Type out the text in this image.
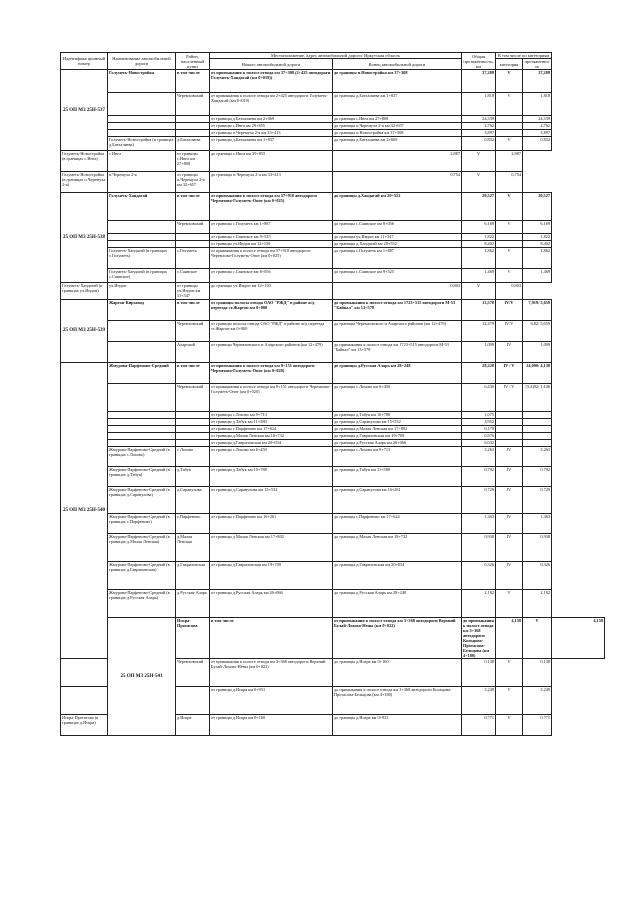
Идентифика ционный номер	Наименование автомобильной дороги	Район, населенный пункт	Местоположение, адрес автомобильной дороги: Иркутская область		Общая протяжённость, км	В том числе по категориям		
			Начало автомобильной дороги	Конец автомобильной дороги		категория	протяжённость	
25 ОП МЗ 25Н-537	Голуметь-Новостройка	в том числе	от примыкания к полосе отвода км 37+308 (2+425 автодороги Голуметь-Хандагай (км 0+019))	до границы п.Новостройка км 37+308	37,289	V	37,289	
		Черемховский	от примыкания к полосе отвода км 2+425 автодороги Голуметь-Хандагай (км 0+019)	до границы д.Батхаляева км 1+837	1,818	V	1,818	
			от границы д.Батхаляева км 2+669	до границы с.Инга км 27+808	24,339		24,339	
			от границы с.Инга км 29+855	до границы п.Черемуха 2-я км 32+657	2,762		2,762	
			от границы п.Черемуха 2-я км 33+413	до границы п.Новостройка км 37+308	3,897		3,897	
	Голуметь-Новостройка (в границах д.Батхаляева)	д.Батхаляева	от границы д.Батхаляева км 1+837	до границы д.Батхаляева км 2+669	0,832	V	0,832	
Голуметь-Новостройка (в границах с.Инга)	с.Инга	от границы с.Инга км 27+808	до границы с.Инга км 29+855	2,887	V	2,887		
Голуметь-Новостройка (в границах п.Черемуха 2-я)	п.Черемуха 2-я	от границы п.Черемуха 2-я км 32+657	до границы п.Черемуха 2-я км 33+413	0,754	V	0,754		
25 ОП МЗ 25Н-538	Голуметь-Хандагай	в том числе	от примыкания к полосе отвода км 57+910 автодороги Черемхово-Голуметь-Онот (км 0+025)	до границы д.Хандагай км 20+552	20,527	V	20,527	
		Черемховский	от границы с.Голуметь км 1+887	до границы с.Саянское км 8+056	6,169	V	6,169	
			от границы с.Саянское км 9+525	до границы уч.Индон км 11+347	1,822		1,822	
			от границы уч.Индон км 12+150	до границы д.Хандагай км 20+552	8,402		8,402	
	Голуметь-Хандагай (в границах с.Голуметь)	с.Голуметь	от примыкания к полосе отвода км 57+910 автодороги Черемхово-Голуметь-Онот (км 0+025)	до границы с.Голуметь км 1+887	1,862	V	1,862	
	Голуметь-Хандагай (в границах с.Саянское)	с.Саянское	от границы с.Саянское км 8+056	до границы с.Саянское км 9+525	1,469	V	1,469	
Голуметь-Хандагай (в границах уч.Индон)	уч.Индон	от границы уч.Индон км 11+347	до границы уч.Индон км 12+150	0,803	V	0,803		
25 ОП МЗ 25Н-539	Жаргон-Кирзавод	в том числе	от границы полосы отвода ОАО "РЖД" в районе ж/д переезда ст.Жаргон км 0+000	до примыкания к полосе отвода км 1723+515 автодороги М-53 "Байкал" км 13+578	13,578	IV/V	7,919/ 5,659	
		Черемховский	от границы полосы отвода ОАО "РЖД" в районе ж/д переезда ст.Жаргон км 0+000	до границы Черемховского и Аларского районов (км 12+479)	12,479	IV/V	6,82/ 5,659	
		Аларский	от границы Черемховского и Аларского районов (км 12+479)	до примыкания к полосе отвода км 1723+515 автодороги М-53 "Байкал" км 13+578	1,099	IV	1,099	
25 ОП МЗ 25Н-540	Жмурова-Парфеново-Средний	в том числе	от примыкания к полосе отвода км 9+151 автодороги Черемхово-Голуметь-Онот (км 0+020)	до границы д.Русская Аларь км 28+248	28,228	IV / V	24,090/ 4,138	
		Черемховский	от примыкания к полосе отвода км 9+151 автодороги Черемхово-Голуметь-Онот (км 0+020)	до границы с.Лохово км 6+450	6,430	IV / V	(5,4)92/ 1,146	
			от границы с.Лохово км 9+713	до границы д.Табук км 10+788	1,075			
			от границы д.Табук км 11+580	до границы д.Саранулова км 15+532	3,952			
			от границы с.Парфеново км 17+624	до границы д.Малая Ленская км 17+802	0,178			
			от границы д.Малая Ленская км 18+732	до границы д.Гавриловская км 19+708	0,976			
			от границы д.Гавриловская км 20+034	до границы д.Русская Аларь км 26+066	6,032			
	Жмурова-Парфеново-Средний (в границах с.Лохово)	с.Лохово	от границы с.Лохово км 6+450	до границы с.Лохово км 9+713	3,263	IV	3,263	
	Жмурова-Парфеново-Средний (в границах д.Табук)	д.Табук	от границы д.Табук км 10+788	до границы д.Табук км 11+580	0,792	IV	0,792	
	Жмурова-Парфеново-Средний (в границах д.Саранулова)	д.Саранулова	от границы д.Саранулова км 15+532	до границы д.Саранулова км 16+261	0,729	IV	0,729	
	Жмурова-Парфеново-Средний (в границах с.Парфеново)	с.Парфеново	от границы с.Парфеново км 16+261	до границы с.Парфеново км 17+624	1,363	IV	1,363	
	Жмурова-Парфеново-Средний (в границах д.Малая Ленская)	д.Малая Ленская	от границы д.Малая Ленская км 17+802	до границы д.Малая Ленская км 18+732	0,930	IV	0,930	
	Жмурова-Парфеново-Средний (в границах д.Гавриловская)	д.Гавриловская	от границы д.Гавриловская км 19+708	до границы д.Гавриловская км 20+034	0,326	IV	0,326	
	Жмурова-Парфеново-Средний (в границах д.Русская Аларь)	д.Русская Аларь	от границы д.Русская Аларь км 26+066	до границы д.Русская Аларь км 28+248	2,182	V	2,182	
	25 ОП МЗ 25Н-541	Искра-Протасова	в том числе	от примыкания к полосе отвода км 3+368 автодороги Верхний Булай-Лохово-Нены (км 0+022)	до примыкания к полосе отвода км 3+368 автодороги Кольцова-Протасова-Бельцова (км 4+180)	4,158	V	4,158
		Черемховский	от примыкания к полосе отвода км 3+368 автодороги Верхний Булай-Лохово-Нены (км 0+022)	до границы д.Искра км 0+160	0,138	V	0,138	
			от границы д.Искра км 0+931	до примыкания к полосе отвода км 3+368 автодороги Кольцова-Протасова-Бельцова (км 4+180)	3,249	V	3,249	
Искра-Протасова (в границах д.Искра)		д.Искра	от границы д.Искра км 0+160	до границы д.Искра км 0+931	0,771	V	0,771	
